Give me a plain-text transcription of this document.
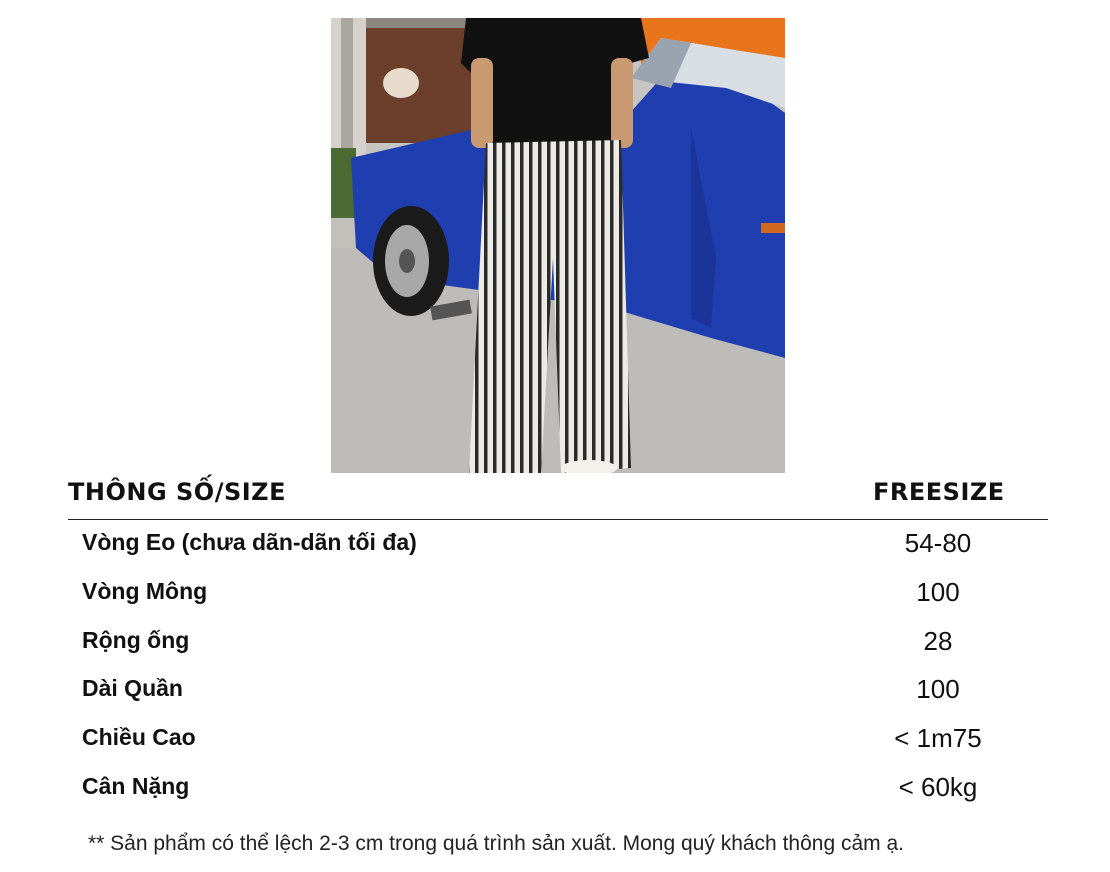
THÔNG SỐ/SIZE	FREESIZE
Vòng Eo (chưa dãn-dãn tối đa)	54-80
Vòng Mông	100
Rộng ống	28
Dài Quần	100
Chiều Cao	< 1m75
Cân Nặng	< 60kg
** Sản phẩm có thể lệch 2-3 cm trong quá trình sản xuất. Mong quý khách thông cảm ạ.
